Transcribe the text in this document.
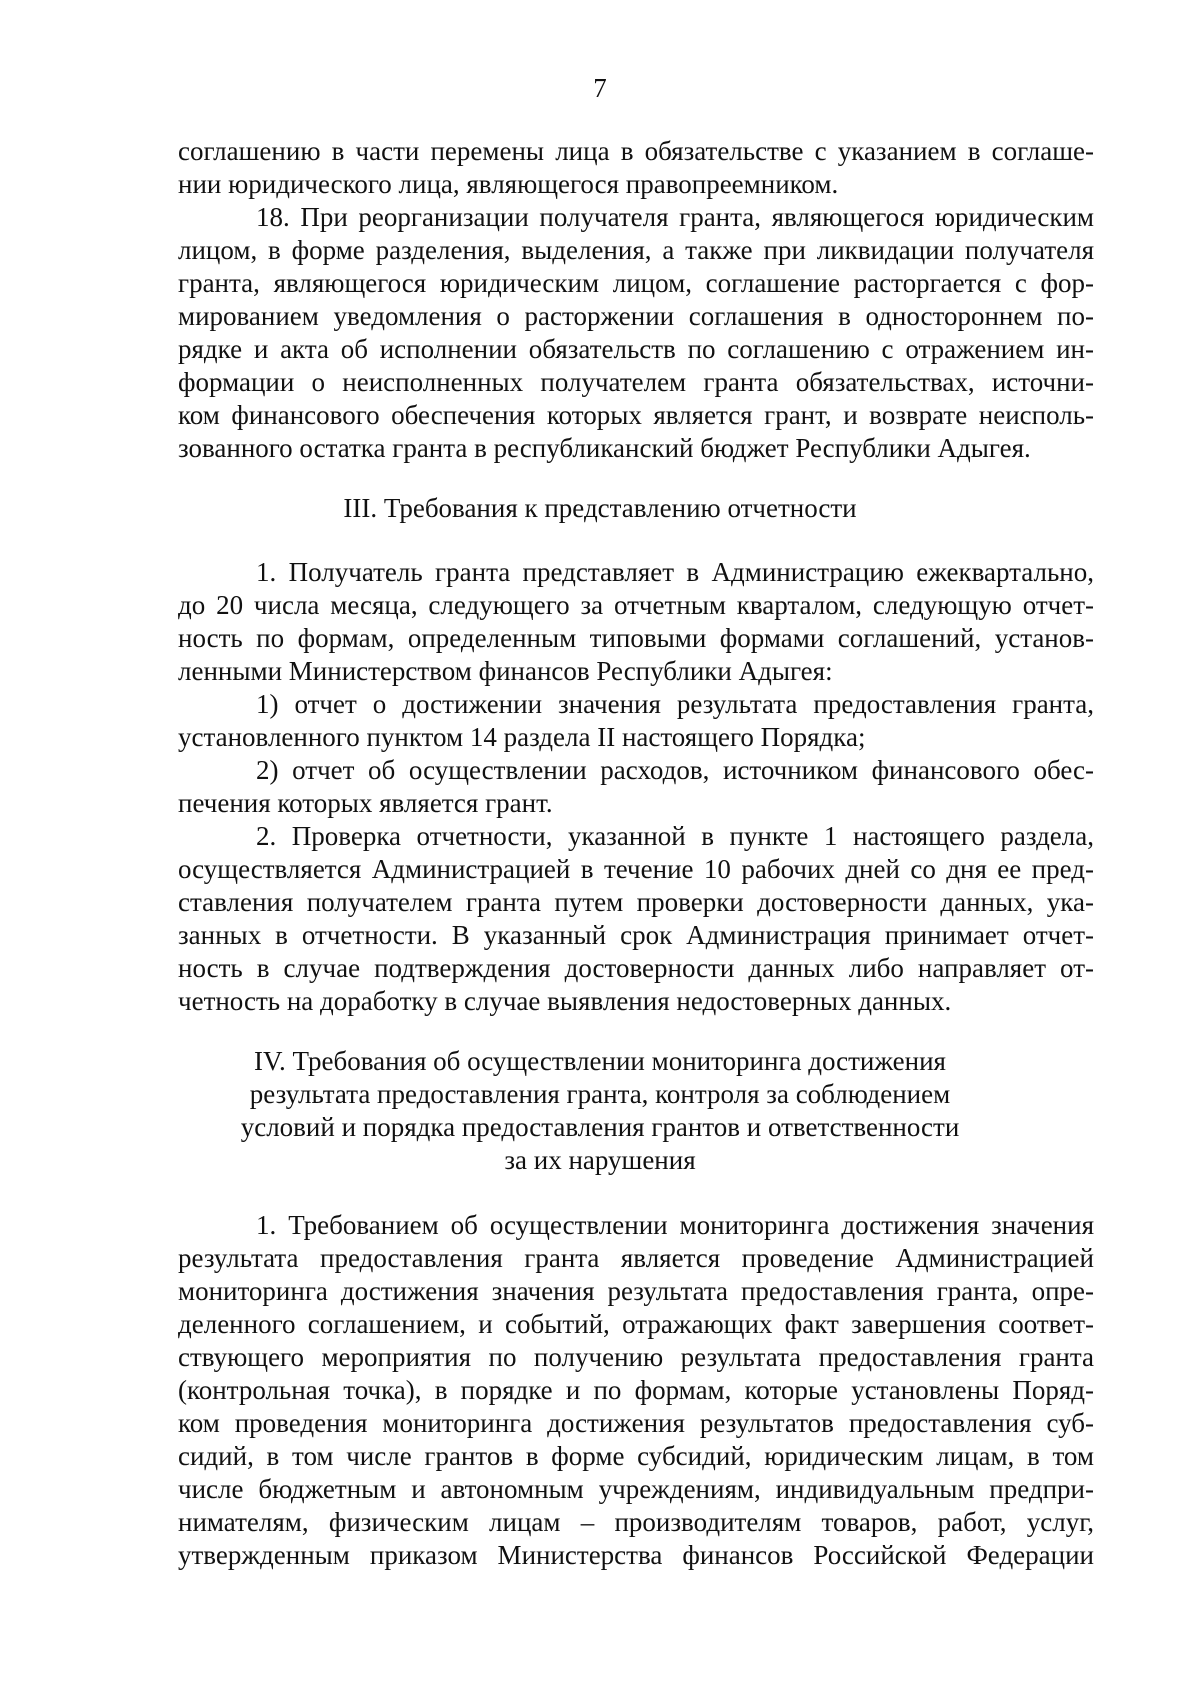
7
соглашению в части перемены лица в обязательстве с указанием в соглаше-
нии юридического лица, являющегося правопреемником.
18. При реорганизации получателя гранта, являющегося юридическим
лицом, в форме разделения, выделения, а также при ликвидации получателя
гранта, являющегося юридическим лицом, соглашение расторгается с фор-
мированием уведомления о расторжении соглашения в одностороннем по-
рядке и акта об исполнении обязательств по соглашению с отражением ин-
формации о неисполненных получателем гранта обязательствах, источни-
ком финансового обеспечения которых является грант, и возврате неисполь-
зованного остатка гранта в республиканский бюджет Республики Адыгея.
III. Требования к представлению отчетности
1. Получатель гранта представляет в Администрацию ежеквартально,
до 20 числа месяца, следующего за отчетным кварталом, следующую отчет-
ность по формам, определенным типовыми формами соглашений, установ-
ленными Министерством финансов Республики Адыгея:
1) отчет о достижении значения результата предоставления гранта,
установленного пунктом 14 раздела II настоящего Порядка;
2) отчет об осуществлении расходов, источником финансового обес-
печения которых является грант.
2. Проверка отчетности, указанной в пункте 1 настоящего раздела,
осуществляется Администрацией в течение 10 рабочих дней со дня ее пред-
ставления получателем гранта путем проверки достоверности данных, ука-
занных в отчетности. В указанный срок Администрация принимает отчет-
ность в случае подтверждения достоверности данных либо направляет от-
четность на доработку в случае выявления недостоверных данных.
IV. Требования об осуществлении мониторинга достижения
результата предоставления гранта, контроля за соблюдением
условий и порядка предоставления грантов и ответственности
за их нарушения
1. Требованием об осуществлении мониторинга достижения значения
результата предоставления гранта является проведение Администрацией
мониторинга достижения значения результата предоставления гранта, опре-
деленного соглашением, и событий, отражающих факт завершения соответ-
ствующего мероприятия по получению результата предоставления гранта
(контрольная точка), в порядке и по формам, которые установлены Поряд-
ком проведения мониторинга достижения результатов предоставления суб-
сидий, в том числе грантов в форме субсидий, юридическим лицам, в том
числе бюджетным и автономным учреждениям, индивидуальным предпри-
нимателям, физическим лицам – производителям товаров, работ, услуг,
утвержденным приказом Министерства финансов Российской Федерации
